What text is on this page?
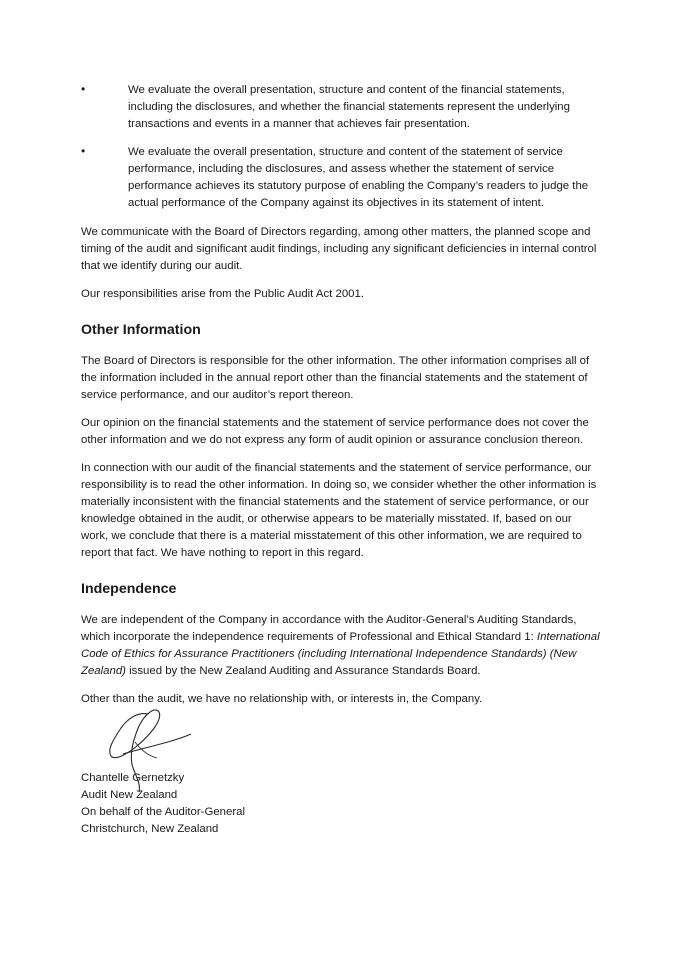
•	We evaluate the overall presentation, structure and content of the financial statements, including the disclosures, and whether the financial statements represent the underlying transactions and events in a manner that achieves fair presentation.

•	We evaluate the overall presentation, structure and content of the statement of service performance, including the disclosures, and assess whether the statement of service performance achieves its statutory purpose of enabling the Company’s readers to judge the actual performance of the Company against its objectives in its statement of intent.

We communicate with the Board of Directors regarding, among other matters, the planned scope and timing of the audit and significant audit findings, including any significant deficiencies in internal control that we identify during our audit.

Our responsibilities arise from the Public Audit Act 2001.

Other Information

The Board of Directors is responsible for the other information. The other information comprises all of the information included in the annual report other than the financial statements and the statement of service performance, and our auditor’s report thereon.

Our opinion on the financial statements and the statement of service performance does not cover the other information and we do not express any form of audit opinion or assurance conclusion thereon.

In connection with our audit of the financial statements and the statement of service performance, our responsibility is to read the other information. In doing so, we consider whether the other information is materially inconsistent with the financial statements and the statement of service performance, or our knowledge obtained in the audit, or otherwise appears to be materially misstated. If, based on our work, we conclude that there is a material misstatement of this other information, we are required to report that fact. We have nothing to report in this regard.

Independence

We are independent of the Company in accordance with the Auditor-General’s Auditing Standards, which incorporate the independence requirements of Professional and Ethical Standard 1: International Code of Ethics for Assurance Practitioners (including International Independence Standards) (New Zealand) issued by the New Zealand Auditing and Assurance Standards Board.

Other than the audit, we have no relationship with, or interests in, the Company.

Chantelle Gernetzky

Audit New Zealand

On behalf of the Auditor-General

Christchurch, New Zealand
